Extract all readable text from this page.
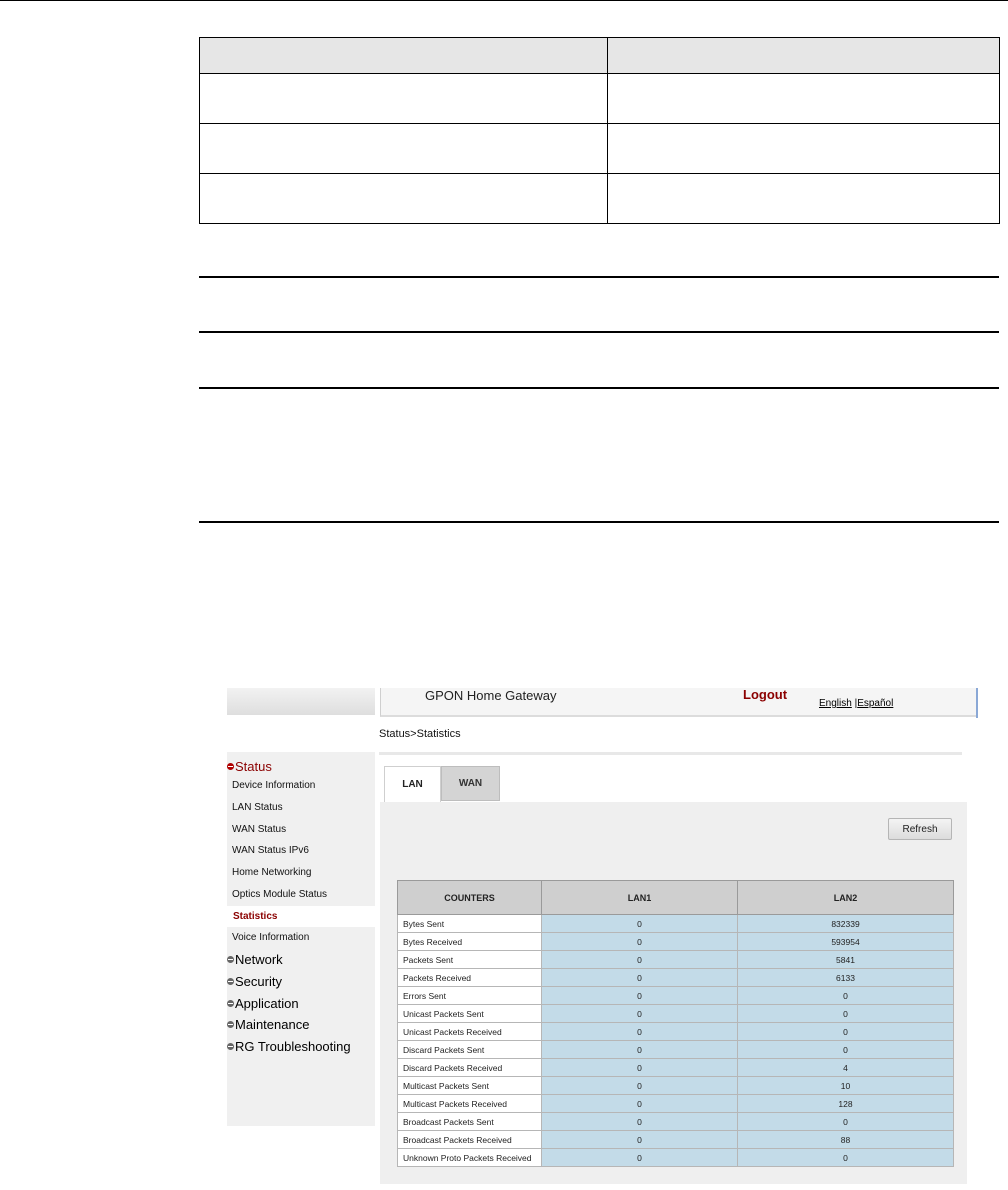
GPON Home Gateway	Logout
English |Español
Status>Statistics
Status
Device Information
LAN Status
WAN Status
WAN Status IPv6
Home Networking
Optics Module Status
Statistics
Voice Information
Network
Security
Application
Maintenance
RG Troubleshooting
LAN	WAN
Refresh
COUNTERS	LAN1	LAN2
Bytes Sent	0	832339
Bytes Received	0	593954
Packets Sent	0	5841
Packets Received	0	6133
Errors Sent	0	0
Unicast Packets Sent	0	0
Unicast Packets Received	0	0
Discard Packets Sent	0	0
Discard Packets Received	0	4
Multicast Packets Sent	0	10
Multicast Packets Received	0	128
Broadcast Packets Sent	0	0
Broadcast Packets Received	0	88
Unknown Proto Packets Received	0	0
